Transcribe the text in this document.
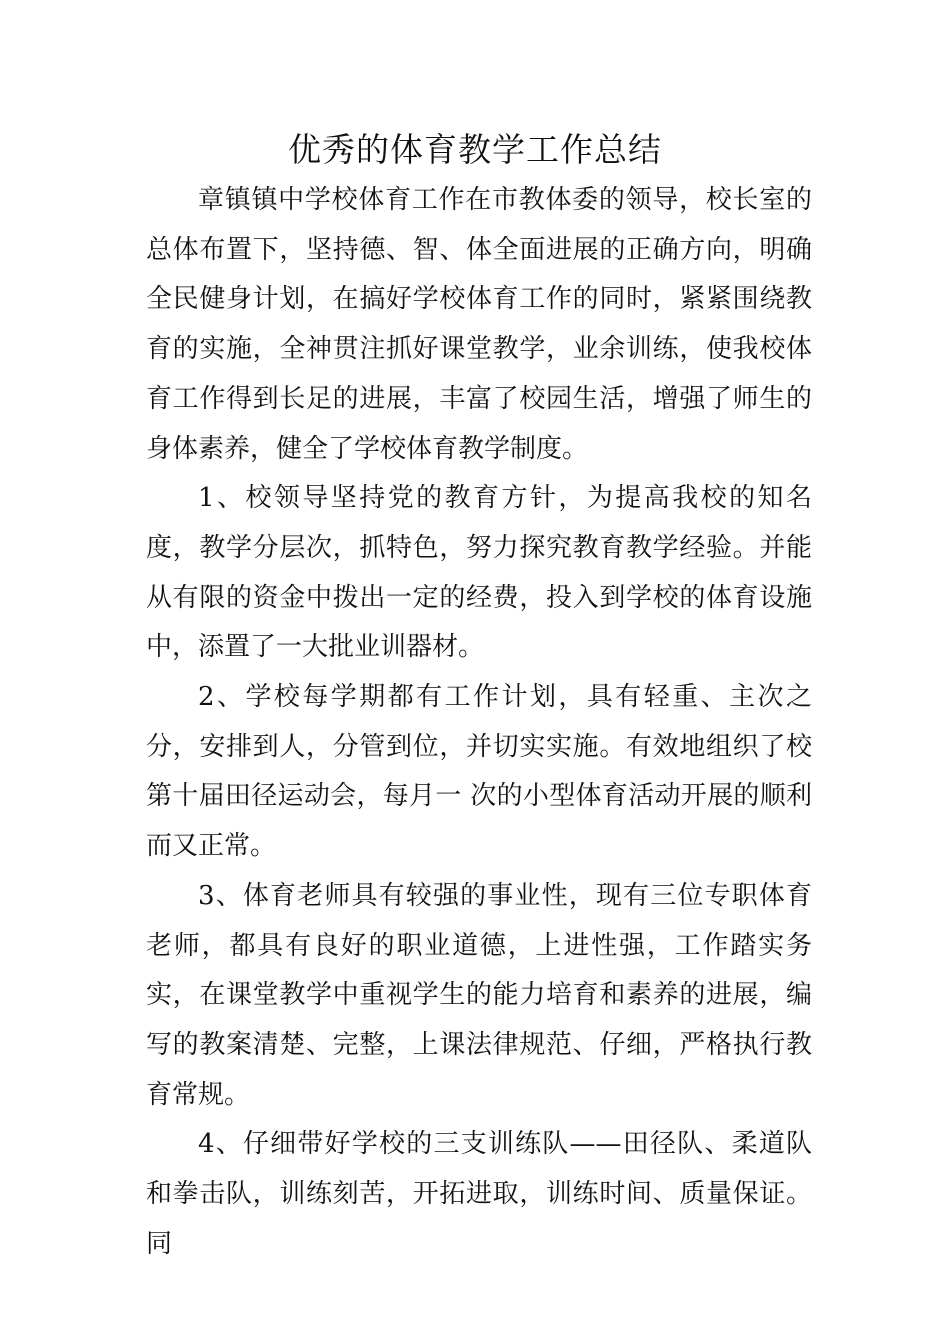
优秀的体育教学工作总结

章镇镇中学校体育工作在市教体委的领导，校长室的总体布置下，坚持德、智、体全面进展的正确方向，明确全民健身计划，在搞好学校体育工作的同时，紧紧围绕教育的实施，全神贯注抓好课堂教学，业余训练，使我校体育工作得到长足的进展，丰富了校园生活，增强了师生的身体素养，健全了学校体育教学制度。

1、校领导坚持党的教育方针，为提高我校的知名度，教学分层次，抓特色，努力探究教育教学经验。并能从有限的资金中拨出一定的经费，投入到学校的体育设施中，添置了一大批业训器材。

2、学校每学期都有工作计划，具有轻重、主次之分，安排到人，分管到位，并切实实施。有效地组织了校第十届田径运动会，每月一 次的小型体育活动开展的顺利而又正常。

3、体育老师具有较强的事业性，现有三位专职体育老师，都具有良好的职业道德，上进性强，工作踏实务实，在课堂教学中重视学生的能力培育和素养的进展，编写的教案清楚、完整，上课法律规范、仔细，严格执行教育常规。

4、仔细带好学校的三支训练队——田径队、柔道队和拳击队，训练刻苦，开拓进取，训练时间、质量保证。同
